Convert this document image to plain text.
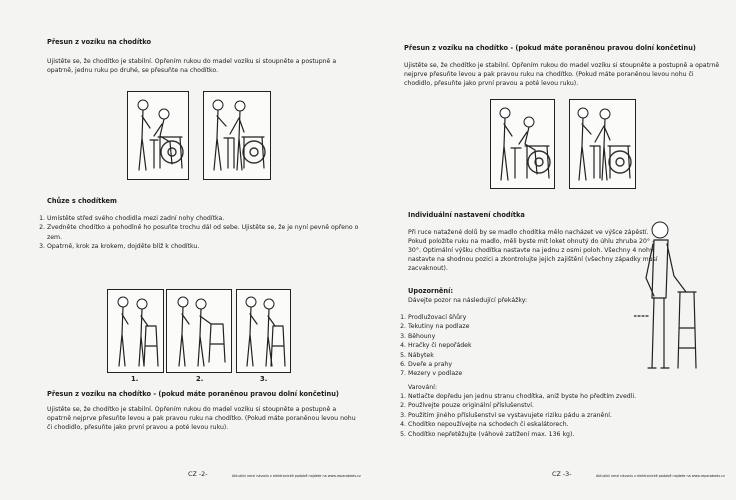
Přesun z vozíku na chodítko
Ujistěte se, že chodítko je stabilní. Opřením rukou do madel vozíku si stoupněte a postupně a opatrně, jednu ruku po druhé, se přesuňte na chodítko.
Chůze s chodítkem
1. Umístěte střed svého chodidla mezi zadní nohy chodítka.
2. Zvedněte chodítko a pohodlně ho posuňte trochu dál od sebe. Ujistěte se, že je nyní pevně opřeno o zem.
3. Opatrně, krok za krokem, dojděte blíž k chodítku.
1.	2.	3.
Přesun z vozíku na chodítko - (pokud máte poraněnou pravou dolní končetinu)
Ujistěte se, že chodítko je stabilní. Opřením rukou do madel vozíku si stoupněte a postupně a opatrně nejprve přesuňte levou a pak pravou ruku na chodítko. (Pokud máte poraněnou levou nohu či chodidlo, přesuňte jako první pravou a poté levou ruku).
CZ -2-	Aktuální verzi návodu v elektronické podobě najdete na www.reparabeds.cz
Přesun z vozíku na chodítko - (pokud máte poraněnou pravou dolní končetinu)
Ujistěte se, že chodítko je stabilní. Opřením rukou do madel vozíku si stoupněte a postupně a opatrně nejprve přesuňte levou a pak pravou ruku na chodítko. (Pokud máte poraněnou levou nohu či chodidlo, přesuňte jako první pravou a poté levou ruku).
Individuální nastavení chodítka
Při ruce natažené dolů by se madlo chodítka mělo nacházet ve výšce zápěstí. Pokud položíte ruku na madlo, měli byste mít loket ohnutý do úhlu zhruba 20° - 30°. Optimální výšku chodítka nastavte na jednu z osmi poloh. Všechny 4 nohy nastavte na shodnou pozici a zkontrolujte jejich zajištění (všechny západky musí zacvaknout).
Upozornění:
Dávejte pozor na následující překážky:
1. Prodlužovací šňůry
2. Tekutiny na podlaze
3. Běhouny
4. Hračky či nepořádek
5. Nábytek
6. Dveře a prahy
7. Mezery v podlaze
Varování:
1. Netlačte dopředu jen jednu stranu chodítka, aniž byste ho předtím zvedli.
2. Používejte pouze originální příslušenství.
3. Použitím jiného příslušenství se vystavujete riziku pádu a zranění.
4. Chodítko nepoužívejte na schodech či eskalátorech.
5. Chodítko nepřetěžujte (váhové zatížení max. 136 kg).
CZ -3-	Aktuální verzi návodu v elektronické podobě najdete na www.reparabeds.cz
